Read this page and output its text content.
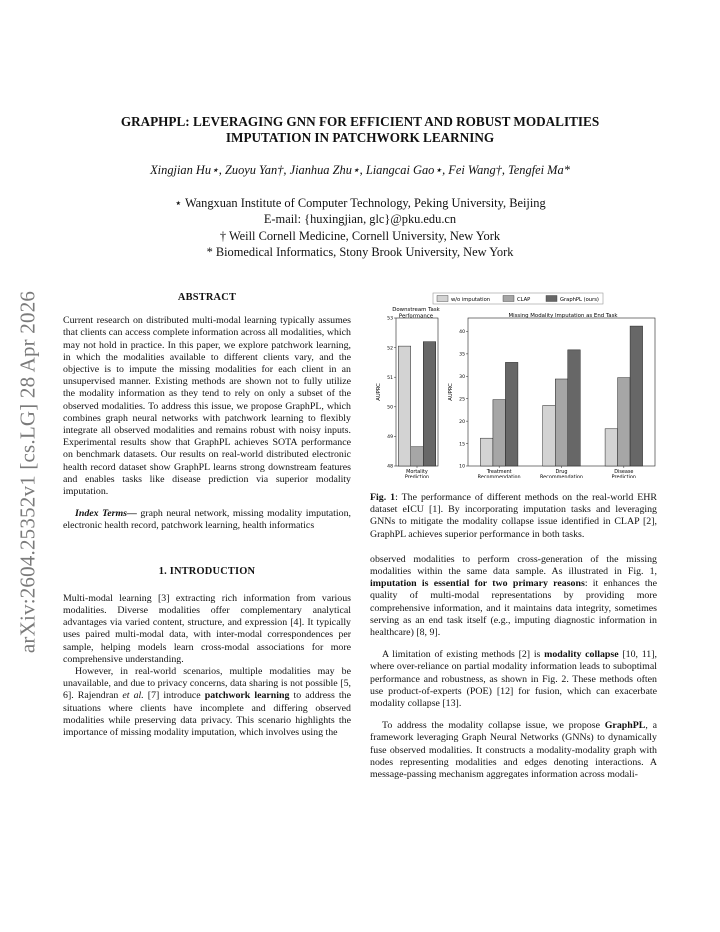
arXiv:2604.25352v1 [cs.LG] 28 Apr 2026
GRAPHPL: LEVERAGING GNN FOR EFFICIENT AND ROBUST MODALITIES
IMPUTATION IN PATCHWORK LEARNING
Xingjian Hu⋆, Zuoyu Yan†, Jianhua Zhu⋆, Liangcai Gao⋆, Fei Wang†, Tengfei Ma*
⋆ Wangxuan Institute of Computer Technology, Peking University, Beijing
E-mail: {huxingjian, glc}@pku.edu.cn
† Weill Cornell Medicine, Cornell University, New York
* Biomedical Informatics, Stony Brook University, New York
ABSTRACT

Current research on distributed multi-modal learning typically assumes that clients can access complete information across all modalities, which may not hold in practice. In this paper, we explore patchwork learning, in which the modalities available to different clients vary, and the objective is to impute the missing modalities for each client in an unsupervised manner. Existing methods are shown not to fully utilize the modality information as they tend to rely on only a subset of the observed modalities. To address this issue, we propose GraphPL, which combines graph neural networks with patchwork learning to flexibly integrate all observed modalities and remains robust with noisy inputs. Experimental results show that GraphPL achieves SOTA performance on benchmark datasets. Our results on real-world distributed electronic health record dataset show GraphPL learns strong downstream features and enables tasks like disease prediction via superior modality imputation.

Index Terms— graph neural network, missing modality imputation, electronic health record, patchwork learning, health informatics

1. INTRODUCTION

Multi-modal learning [3] extracting rich information from various modalities. Diverse modalities offer complementary analytical advantages via varied content, structure, and expression [4]. It typically uses paired multi-modal data, with inter-modal correspondences per sample, helping models learn cross-modal associations for more comprehensive understanding.

However, in real-world scenarios, multiple modalities may be unavailable, and due to privacy concerns, data sharing is not possible [5, 6]. Rajendran et al. [7] introduce patchwork learning to address the situations where clients have incomplete and differing observed modalities while preserving data privacy. This scenario highlights the importance of missing modality imputation, which involves using the

w/o imputation	CLAP	GraphPL (ours)
Downstream Task
Performance	Missing Modality Imputation as End Task
48
49
50
51
52
53
AUPRC
Mortality
Prediction
10
15
20
25
30
35
40
AUPRC
Treatment
Recommendation
Drug
Recommendation
Disease
Prediction

Fig. 1: The performance of different methods on the real-world EHR dataset eICU [1]. By incorporating imputation tasks and leveraging GNNs to mitigate the modality collapse issue identified in CLAP [2], GraphPL achieves superior performance in both tasks.

observed modalities to perform cross-generation of the missing modalities within the same data sample. As illustrated in Fig. 1, imputation is essential for two primary reasons: it enhances the quality of multi-modal representations by providing more comprehensive information, and it maintains data integrity, sometimes serving as an end task itself (e.g., imputing diagnostic information in healthcare) [8, 9].

A limitation of existing methods [2] is modality collapse [10, 11], where over-reliance on partial modality information leads to suboptimal performance and robustness, as shown in Fig. 2. These methods often use product-of-experts (POE) [12] for fusion, which can exacerbate modality collapse [13].

To address the modality collapse issue, we propose GraphPL, a framework leveraging Graph Neural Networks (GNNs) to dynamically fuse observed modalities. It constructs a modality-modality graph with nodes representing modalities and edges denoting interactions. A message-passing mechanism aggregates information across modali-
